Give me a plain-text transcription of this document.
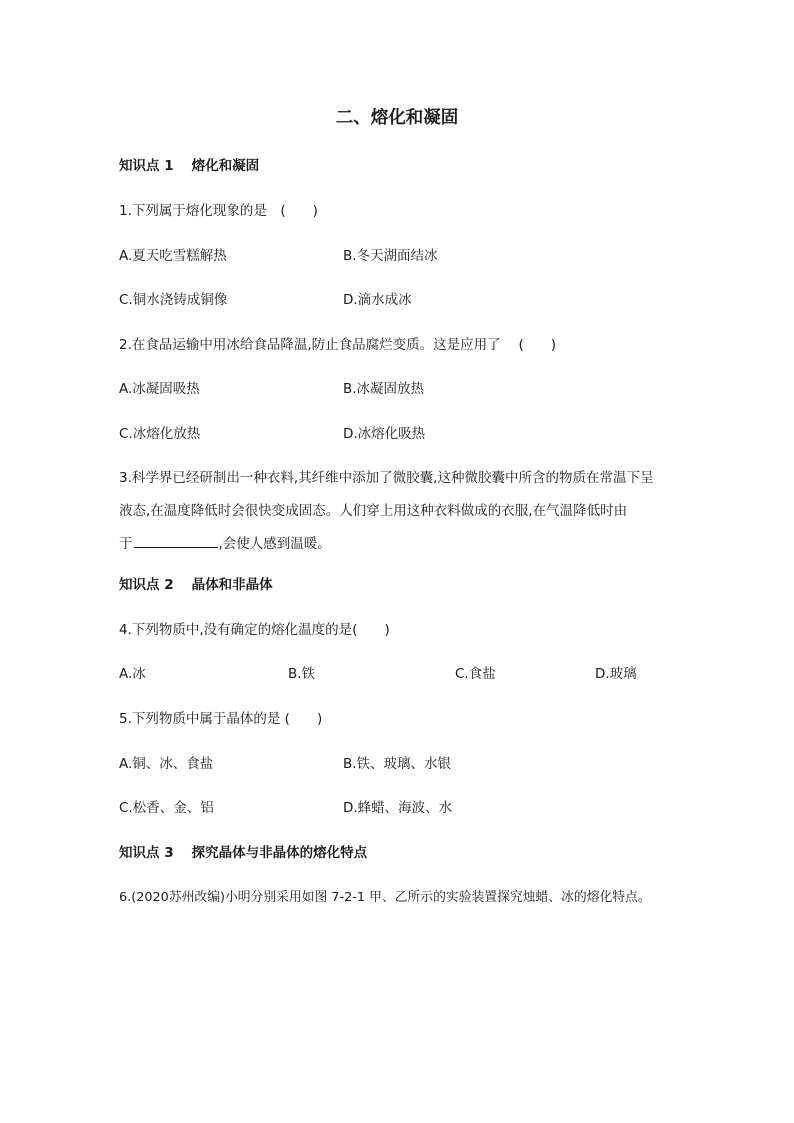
二、熔化和凝固
知识点 1 熔化和凝固
1.下列属于熔化现象的是　(　　)
A.夏天吃雪糕解热	B.冬天湖面结冰
C.铜水浇铸成铜像	D.滴水成冰
2.在食品运输中用冰给食品降温,防止食品腐烂变质。这是应用了　 (　　)
A.冰凝固吸热	B.冰凝固放热
C.冰熔化放热	D.冰熔化吸热
3.科学界已经研制出一种衣料,其纤维中添加了微胶囊,这种微胶囊中所含的物质在常温下呈
液态,在温度降低时会很快变成固态。人们穿上用这种衣料做成的衣服,在气温降低时由
于	,会使人感到温暖。
知识点 2 晶体和非晶体
4.下列物质中,没有确定的熔化温度的是(　　)
A.冰	B.铁	C.食盐	D.玻璃
5.下列物质中属于晶体的是 (　　)
A.铜、冰、食盐	B.铁、玻璃、水银
C.松香、金、铝	D.蜂蜡、海波、水
知识点 3 探究晶体与非晶体的熔化特点
6.(2020苏州改编)小明分别采用如图 7-2-1 甲、乙所示的实验装置探究烛蜡、冰的熔化特点。
